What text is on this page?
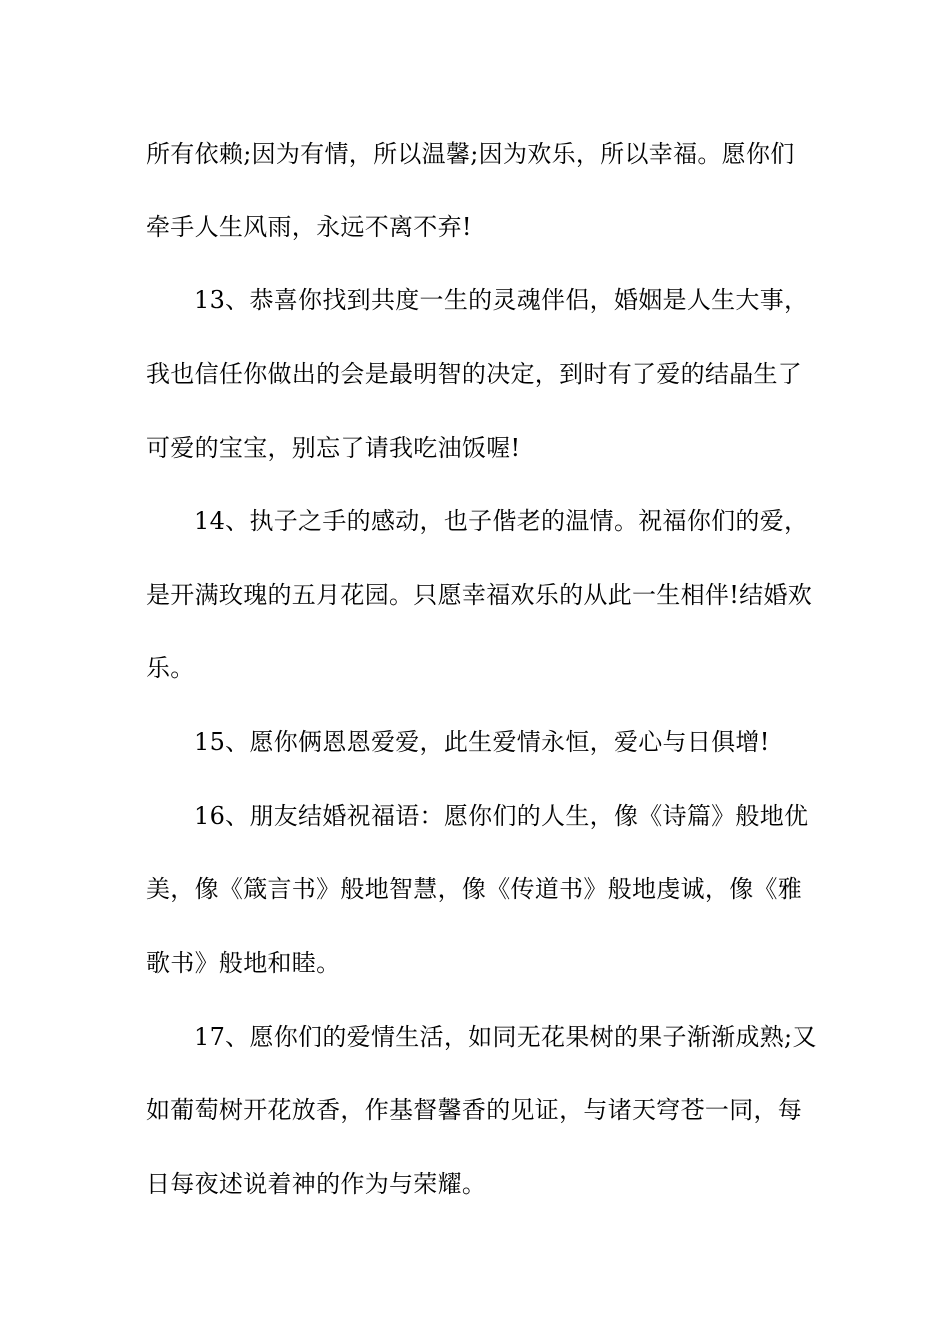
所有依赖;因为有情，所以温馨;因为欢乐，所以幸福。愿你们
牵手人生风雨，永远不离不弃!
13、恭喜你找到共度一生的灵魂伴侣，婚姻是人生大事，
我也信任你做出的会是最明智的决定，到时有了爱的结晶生了
可爱的宝宝，别忘了请我吃油饭喔!
14、执子之手的感动，也子偕老的温情。祝福你们的爱，
是开满玫瑰的五月花园。只愿幸福欢乐的从此一生相伴!结婚欢
乐。
15、愿你俩恩恩爱爱，此生爱情永恒，爱心与日俱增!
16、朋友结婚祝福语：愿你们的人生，像《诗篇》般地优
美，像《箴言书》般地智慧，像《传道书》般地虔诚，像《雅
歌书》般地和睦。
17、愿你们的爱情生活，如同无花果树的果子渐渐成熟;又
如葡萄树开花放香，作基督馨香的见证，与诸天穹苍一同，每
日每夜述说着神的作为与荣耀。
